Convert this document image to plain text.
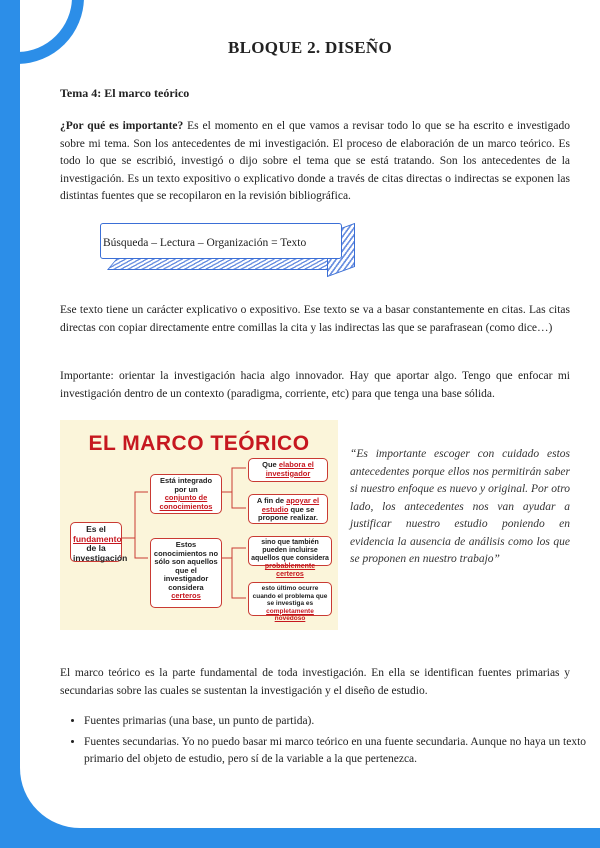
BLOQUE 2. DISEÑO
Tema 4: El marco teórico
¿Por qué es importante? Es el momento en el que vamos a revisar todo lo que se ha escrito e investigado sobre mi tema. Son los antecedentes de mi investigación. El proceso de elaboración de un marco teórico. Es todo lo que se escribió, investigó o dijo sobre el tema que se está tratando. Son los antecedentes de la investigación. Es un texto expositivo o explicativo donde a través de citas directas o indirectas se exponen las distintas fuentes que se recopilaron en la revisión bibliográfica.
Búsqueda – Lectura – Organización = Texto
Ese texto tiene un carácter explicativo o expositivo. Ese texto se va a basar constantemente en citas. Las citas directas con copiar directamente entre comillas la cita y las indirectas las que se parafrasean (como dice…)
Importante: orientar la investigación hacia algo innovador. Hay que aportar algo. Tengo que enfocar mi investigación dentro de un contexto (paradigma, corriente, etc) para que tenga una base sólida.
EL MARCO TEÓRICO
Es el
fundamento
de la investigación
Está integrado por un
conjunto de conocimientos
Estos conocimientos no sólo son aquellos que el investigador considera
certeros
Que elabora el investigador
A fin de apoyar el estudio que se propone realizar.
sino que también pueden incluirse aquellos que considera probablemente certeros
esto último ocurre cuando el problema que se investiga es completamente novedoso
“Es importante escoger con cuidado estos antecedentes porque ellos nos permitirán saber si nuestro enfoque es nuevo y original. Por otro lado, los antecedentes nos van ayudar a justificar nuestro estudio poniendo en evidencia la ausencia de análisis como los que se proponen en nuestro trabajo”
El marco teórico es la parte fundamental de toda investigación. En ella se identifican fuentes primarias y secundarias sobre las cuales se sustentan la investigación y el diseño de estudio.
• Fuentes primarias (una base, un punto de partida).
• Fuentes secundarias. Yo no puedo basar mi marco teórico en una fuente secundaria. Aunque no haya un texto primario del objeto de estudio, pero sí de la variable a la que pertenezca.
